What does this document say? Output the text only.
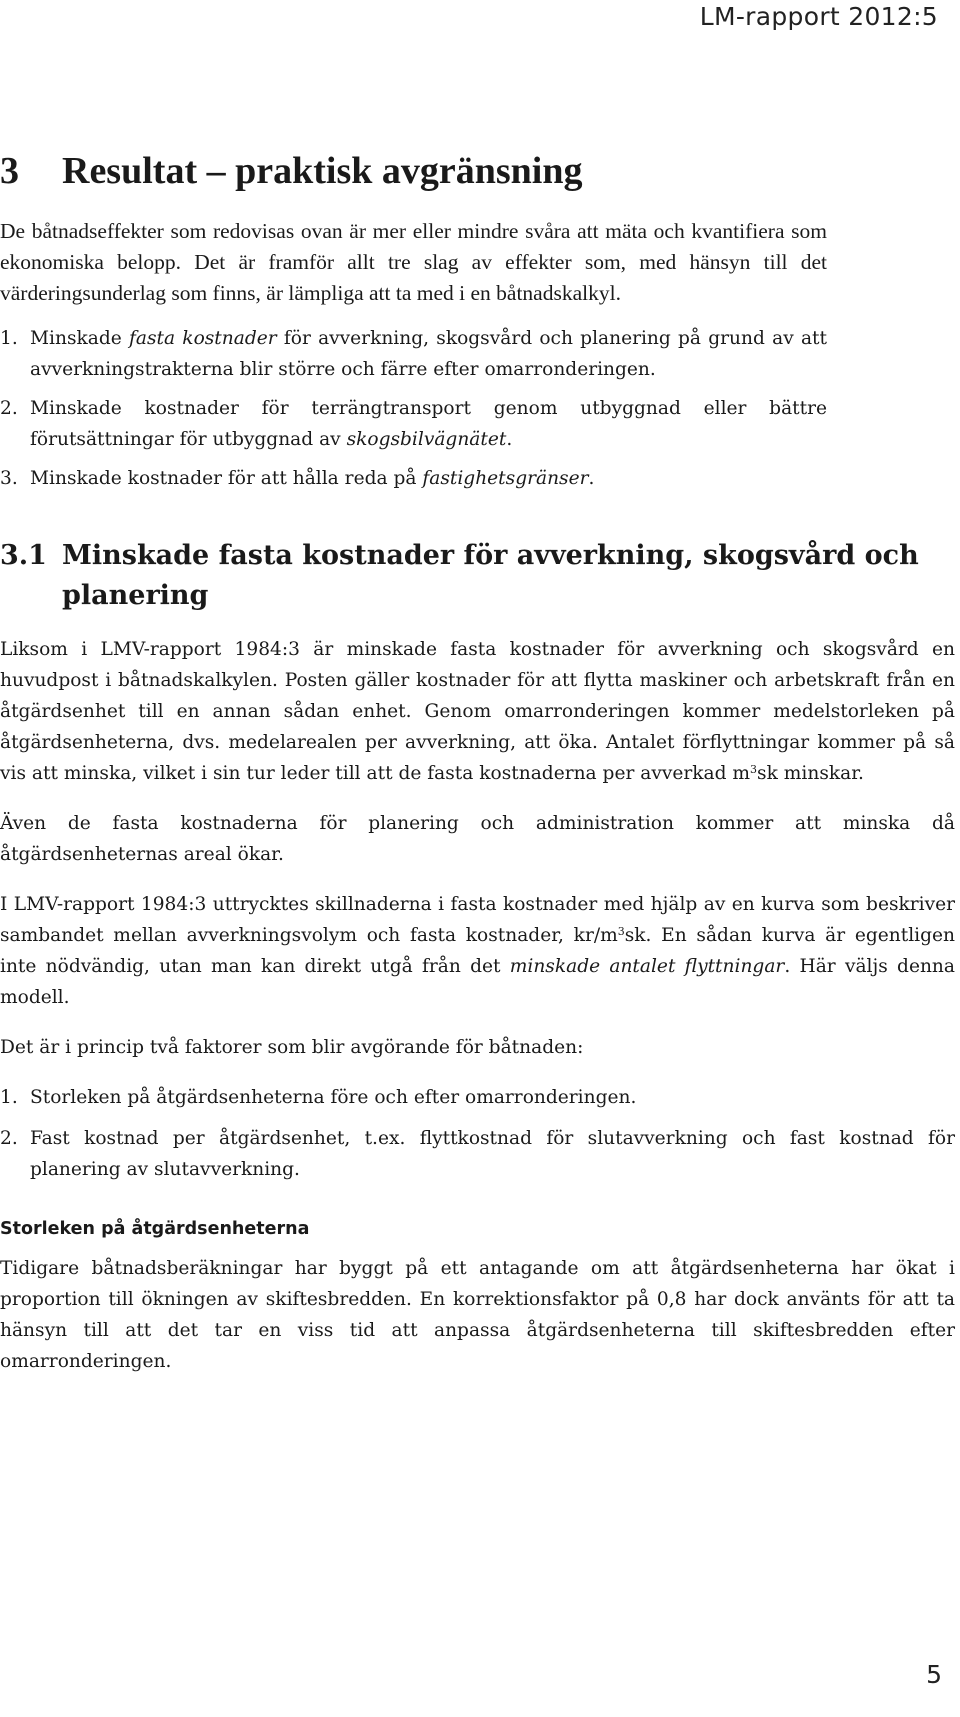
LM-rapport 2012:5
3 Resultat – praktisk avgränsning

De båtnadseffekter som redovisas ovan är mer eller mindre svåra att mäta och kvantifiera som ekonomiska belopp. Det är framför allt tre slag av effekter som, med hänsyn till det värderingsunderlag som finns, är lämpliga att ta med i en båtnadskalkyl.

1. Minskade fasta kostnader för avverkning, skogsvård och planering på grund av att avverkningstrakterna blir större och färre efter omarronderingen.
2. Minskade kostnader för terrängtransport genom utbyggnad eller bättre förutsättningar för utbyggnad av skogsbilvägnätet.
3. Minskade kostnader för att hålla reda på fastighetsgränser.
3.1 Minskade fasta kostnader för avverkning, skogsvård och planering

Liksom i LMV-rapport 1984:3 är minskade fasta kostnader för avverkning och skogsvård en huvudpost i båtnadskalkylen. Posten gäller kostnader för att flytta maskiner och arbetskraft från en åtgärdsenhet till en annan sådan enhet. Genom omarronderingen kommer medelstorleken på åtgärdsenheterna, dvs. medelarealen per avverkning, att öka. Antalet förflyttningar kommer på så vis att minska, vilket i sin tur leder till att de fasta kostnaderna per avverkad $m^3sk$ minskar.

Även de fasta kostnaderna för planering och administration kommer att minska då åtgärdsenheternas areal ökar.

I LMV-rapport 1984:3 uttrycktes skillnaderna i fasta kostnader med hjälp av en kurva som beskriver sambandet mellan avverkningsvolym och fasta kostnader, $kr/m^3sk$. En sådan kurva är egentligen inte nödvändig, utan man kan direkt utgå från det minskade antalet flyttningar. Här väljs denna modell.

Det är i princip två faktorer som blir avgörande för båtnaden:

1. Storleken på åtgärdsenheterna före och efter omarronderingen.
2. Fast kostnad per åtgärdsenhet, t.ex. flyttkostnad för slutavverkning och fast kostnad för planering av slutavverkning.
Storleken på åtgärdsenheterna

Tidigare båtnadsberäkningar har byggt på ett antagande om att åtgärdsenheterna har ökat i proportion till ökningen av skiftesbredden. En korrektionsfaktor på 0,8 har dock använts för att ta hänsyn till att det tar en viss tid att anpassa åtgärdsenheterna till skiftesbredden efter omarronderingen.

5
